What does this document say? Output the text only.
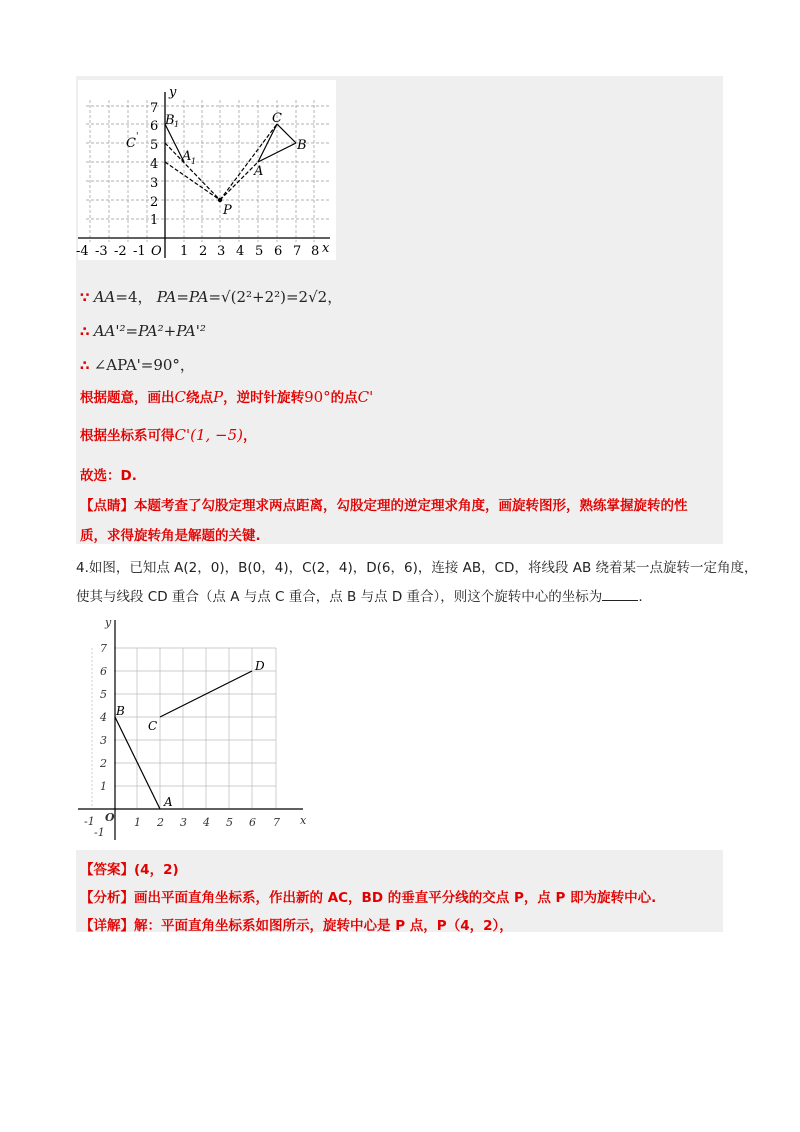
-4 -3 -2 -1 O 1 2 3 4 5 6 7 8 x
1
2
3
4
5
6
7
y
B 1
C '
A 1
P
C
B
A
∵ AA=4， PA=PA=√(2²+2²)=2√2，
∴ AA'²=PA²+PA'²
∴ ∠APA'=90°，
根据题意，画出C绕点P，逆时针旋转90°的点C'
根据坐标系可得C'(1, −5)，
故选：D.
【点睛】本题考查了勾股定理求两点距离，勾股定理的逆定理求角度，画旋转图形，熟练掌握旋转的性
质，求得旋转角是解题的关键.
4.如图，已知点 A(2，0)，B(0，4)，C(2，4)，D(6，6)，连接 AB，CD，将线段 AB 绕着某一点旋转一定角度，
使其与线段 CD 重合（点 A 与点 C 重合，点 B 与点 D 重合），则这个旋转中心的坐标为	.
-1 O 1 2 3 4 5 6 7 x
-1
1
2
3
4
5
6
7
y
A
B
C
D
【答案】(4，2)
【分析】画出平面直角坐标系，作出新的 AC，BD 的垂直平分线的交点 P，点 P 即为旋转中心.
【详解】解：平面直角坐标系如图所示，旋转中心是 P 点，P（4，2），
